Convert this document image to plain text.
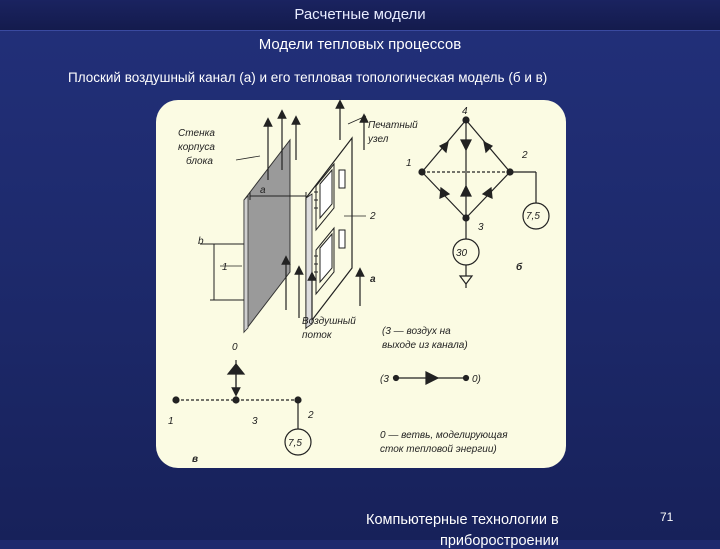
Расчетные модели
Модели тепловых процессов
Плоский воздушный канал (а) и его тепловая топологическая модель (б и в)
a
b
Стенка
корпуса
блока
Печатный
узел
1
2
а
Воздушный
поток
4
2
1
3
7,5
30
б
(3 — воздух на
выходе из канала)
0
1	3
2
7,5
в
(3	0)
0 — ветвь, моделирующая
сток тепловой энергии)
Компьютерные технологии в
приборостроении
71
